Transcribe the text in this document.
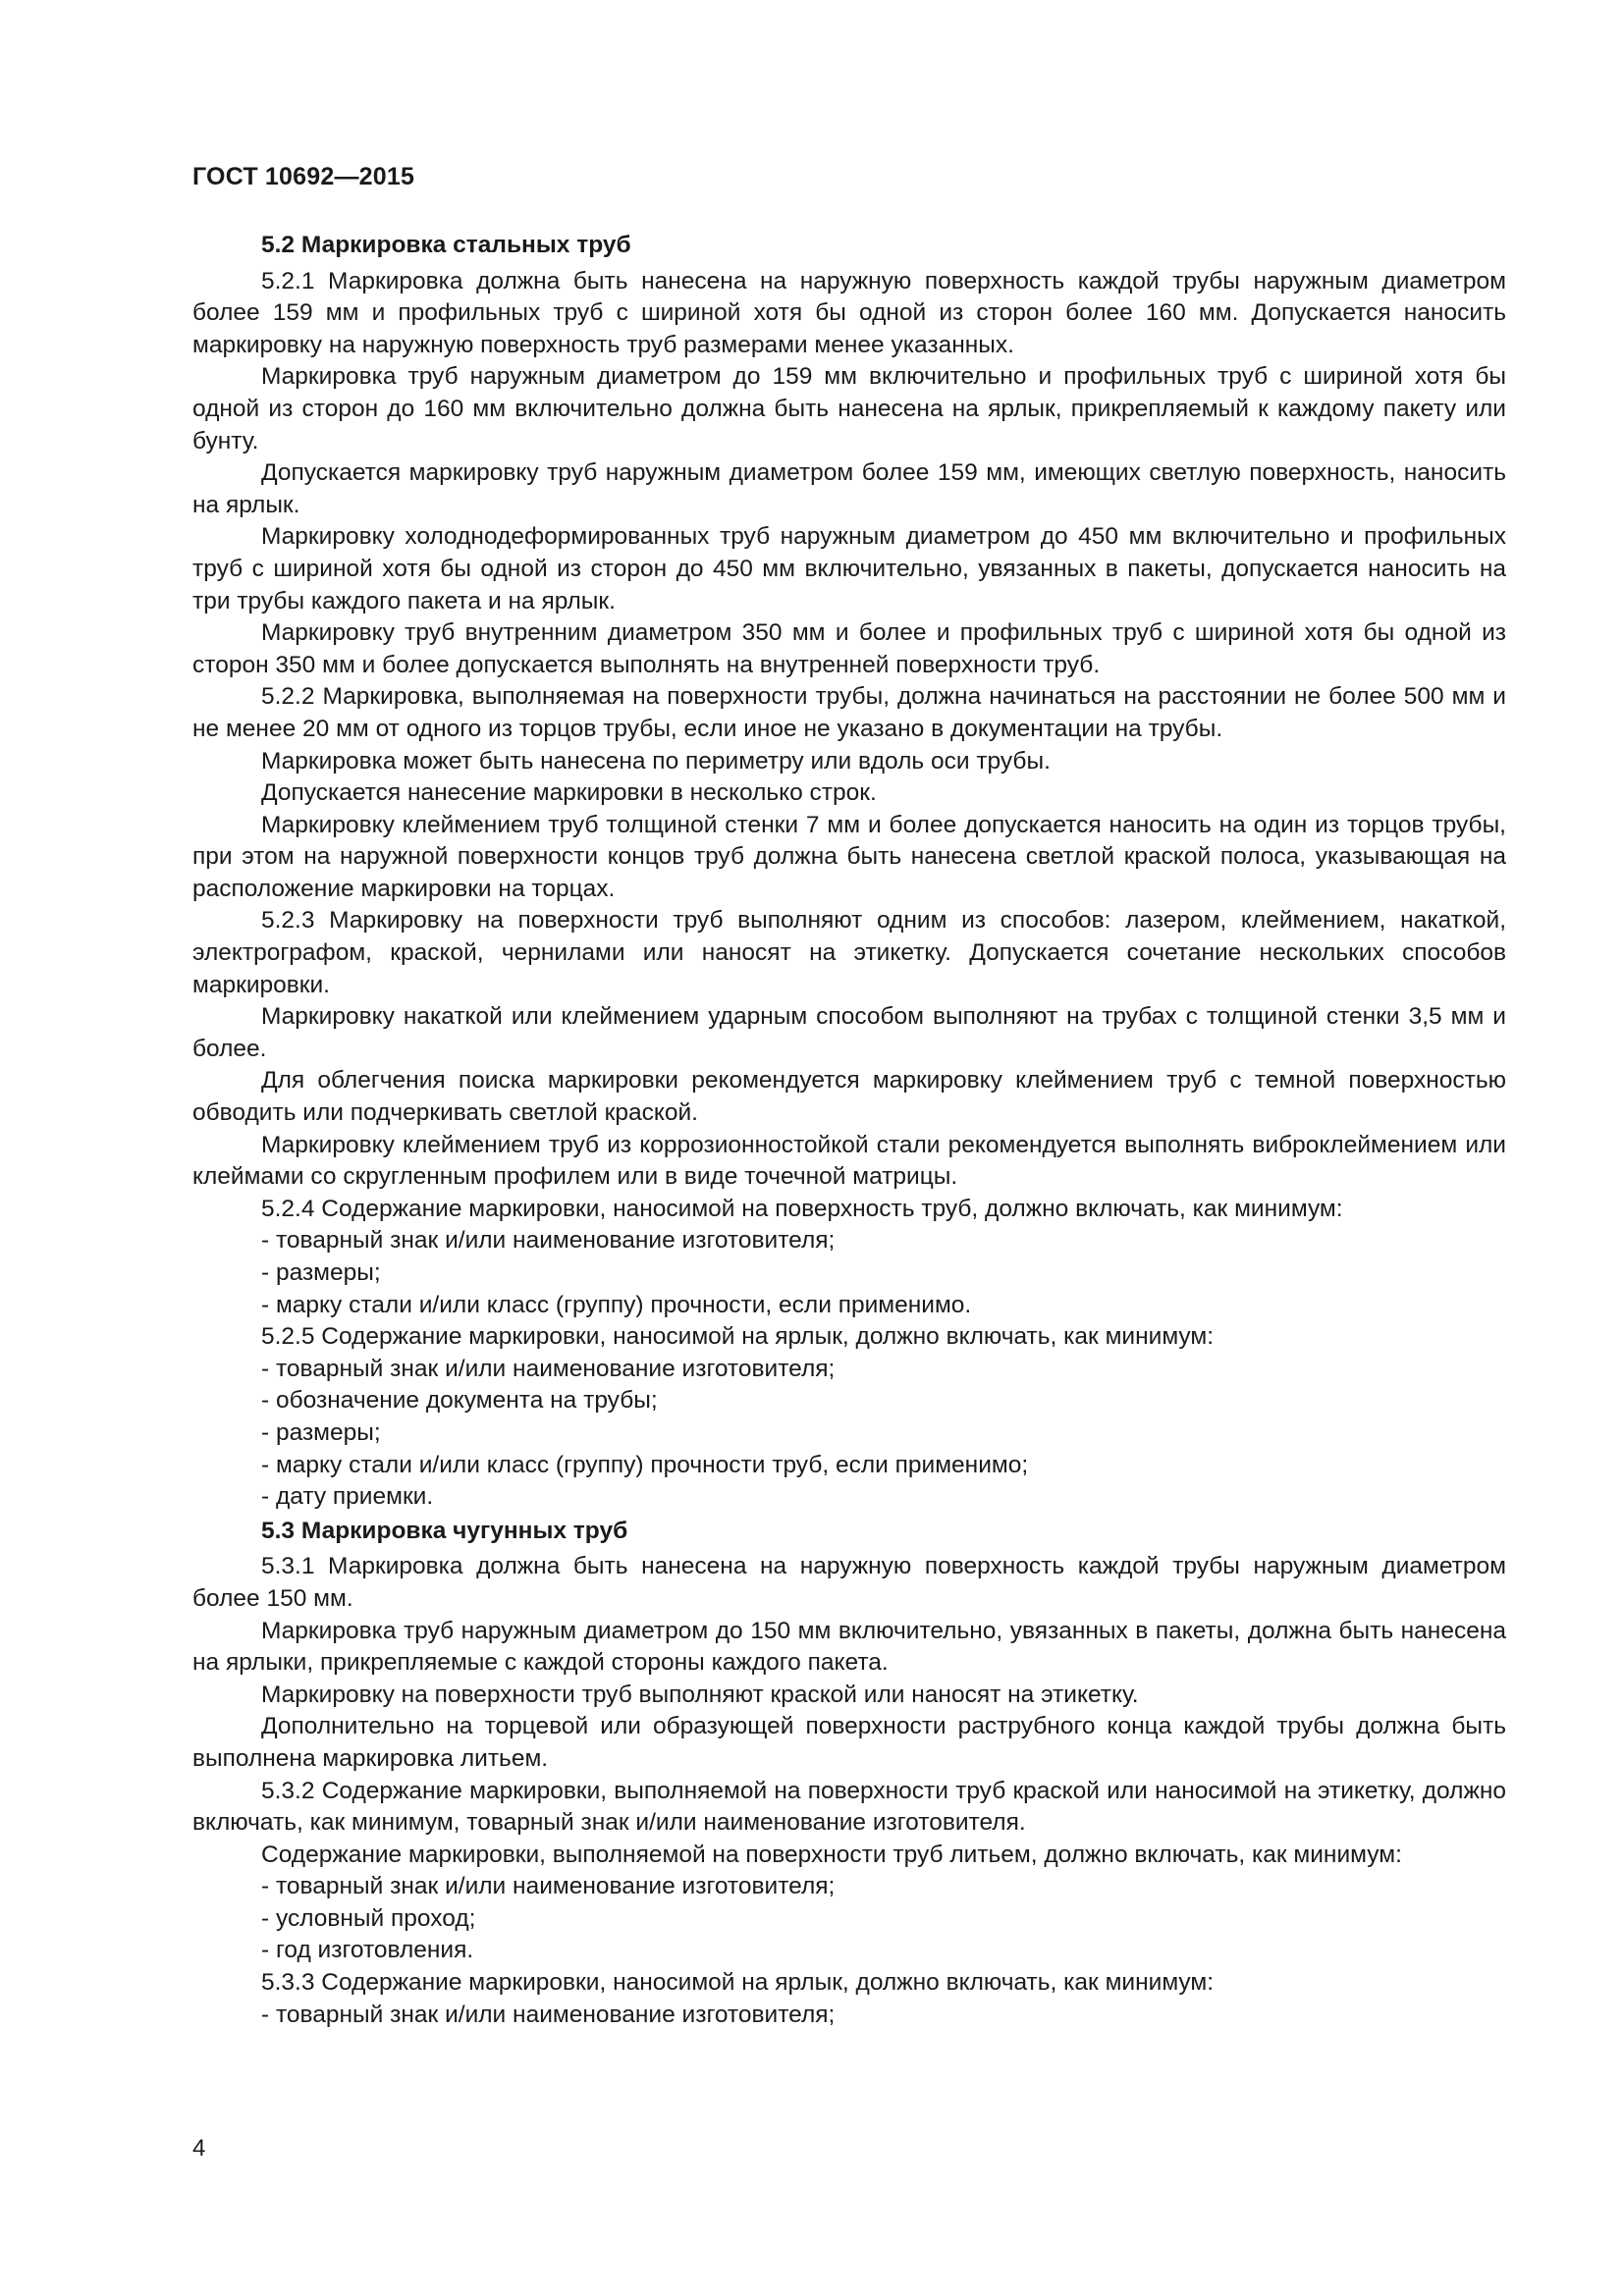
ГОСТ 10692—2015

5.2 Маркировка стальных труб

5.2.1 Маркировка должна быть нанесена на наружную поверхность каждой трубы наружным диаметром более 159 мм и профильных труб с шириной хотя бы одной из сторон более 160 мм. Допускается наносить маркировку на наружную поверхность труб размерами менее указанных.

Маркировка труб наружным диаметром до 159 мм включительно и профильных труб с шириной хотя бы одной из сторон до 160 мм включительно должна быть нанесена на ярлык, прикрепляемый к каждому пакету или бунту.

Допускается маркировку труб наружным диаметром более 159 мм, имеющих светлую поверхность, наносить на ярлык.

Маркировку холоднодеформированных труб наружным диаметром до 450 мм включительно и профильных труб с шириной хотя бы одной из сторон до 450 мм включительно, увязанных в пакеты, допускается наносить на три трубы каждого пакета и на ярлык.

Маркировку труб внутренним диаметром 350 мм и более и профильных труб с шириной хотя бы одной из сторон 350 мм и более допускается выполнять на внутренней поверхности труб.

5.2.2 Маркировка, выполняемая на поверхности трубы, должна начинаться на расстоянии не более 500 мм и не менее 20 мм от одного из торцов трубы, если иное не указано в документации на трубы.

Маркировка может быть нанесена по периметру или вдоль оси трубы.

Допускается нанесение маркировки в несколько строк.

Маркировку клеймением труб толщиной стенки 7 мм и более допускается наносить на один из торцов трубы, при этом на наружной поверхности концов труб должна быть нанесена светлой краской полоса, указывающая на расположение маркировки на торцах.

5.2.3 Маркировку на поверхности труб выполняют одним из способов: лазером, клеймением, накаткой, электрографом, краской, чернилами или наносят на этикетку. Допускается сочетание нескольких способов маркировки.

Маркировку накаткой или клеймением ударным способом выполняют на трубах с толщиной стенки 3,5 мм и более.

Для облегчения поиска маркировки рекомендуется маркировку клеймением труб с темной поверхностью обводить или подчеркивать светлой краской.

Маркировку клеймением труб из коррозионностойкой стали рекомендуется выполнять виброклеймением или клеймами со скругленным профилем или в виде точечной матрицы.

5.2.4 Содержание маркировки, наносимой на поверхность труб, должно включать, как минимум:

- товарный знак и/или наименование изготовителя;

- размеры;

- марку стали и/или класс (группу) прочности, если применимо.

5.2.5 Содержание маркировки, наносимой на ярлык, должно включать, как минимум:

- товарный знак и/или наименование изготовителя;

- обозначение документа на трубы;

- размеры;

- марку стали и/или класс (группу) прочности труб, если применимо;

- дату приемки.

5.3 Маркировка чугунных труб

5.3.1 Маркировка должна быть нанесена на наружную поверхность каждой трубы наружным диаметром более 150 мм.

Маркировка труб наружным диаметром до 150 мм включительно, увязанных в пакеты, должна быть нанесена на ярлыки, прикрепляемые с каждой стороны каждого пакета.

Маркировку на поверхности труб выполняют краской или наносят на этикетку.

Дополнительно на торцевой или образующей поверхности раструбного конца каждой трубы должна быть выполнена маркировка литьем.

5.3.2 Содержание маркировки, выполняемой на поверхности труб краской или наносимой на этикетку, должно включать, как минимум, товарный знак и/или наименование изготовителя.

Содержание маркировки, выполняемой на поверхности труб литьем, должно включать, как минимум:

- товарный знак и/или наименование изготовителя;

- условный проход;

- год изготовления.

5.3.3 Содержание маркировки, наносимой на ярлык, должно включать, как минимум:

- товарный знак и/или наименование изготовителя;

4
